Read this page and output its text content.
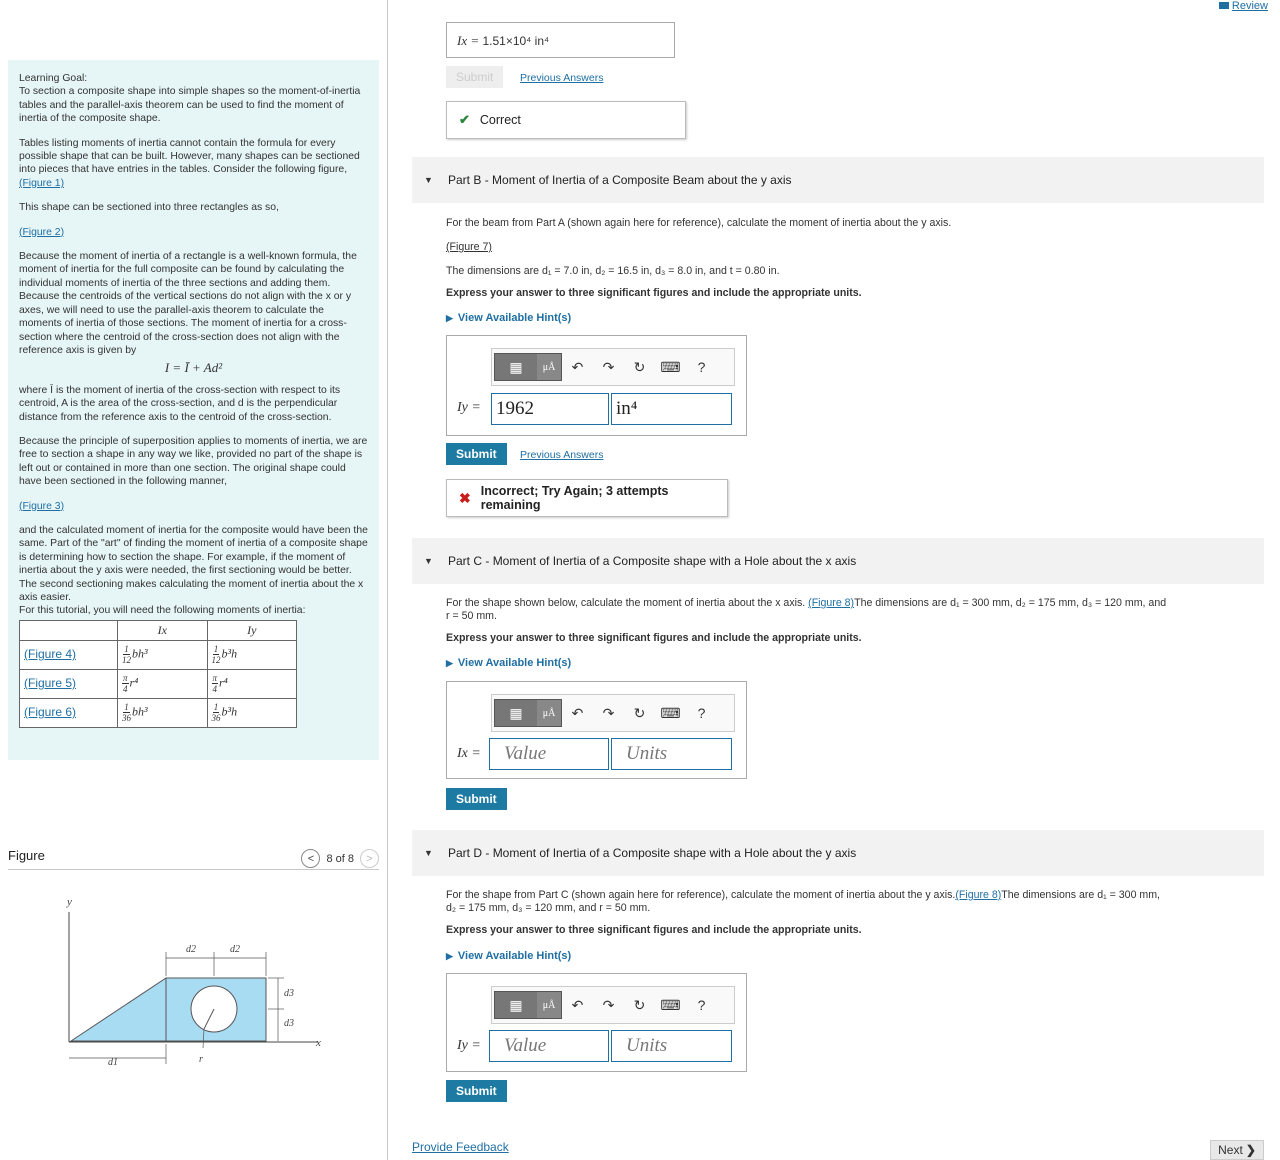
Learning Goal:
To section a composite shape into simple shapes so the moment-of-inertia tables and the parallel-axis theorem can be used to find the moment of inertia of the composite shape.

Tables listing moments of inertia cannot contain the formula for every possible shape that can be built. However, many shapes can be sectioned into pieces that have entries in the tables. Consider the following figure,
(Figure 1)

This shape can be sectioned into three rectangles as so,

(Figure 2)

Because the moment of inertia of a rectangle is a well-known formula, the moment of inertia for the full composite can be found by calculating the individual moments of inertia of the three sections and adding them. Because the centroids of the vertical sections do not align with the x or y axes, we will need to use the parallel-axis theorem to calculate the moments of inertia of those sections. The moment of inertia for a cross-section where the centroid of the cross-section does not align with the reference axis is given by

I = Ī + Ad²

where Ī is the moment of inertia of the cross-section with respect to its centroid, A is the area of the cross-section, and d is the perpendicular distance from the reference axis to the centroid of the cross-section.

Because the principle of superposition applies to moments of inertia, we are free to section a shape in any way we like, provided no part of the shape is left out or contained in more than one section. The original shape could have been sectioned in the following manner,

(Figure 3)

and the calculated moment of inertia for the composite would have been the same. Part of the "art" of finding the moment of inertia of a composite shape is determining how to section the shape. For example, if the moment of inertia about the y axis were needed, the first sectioning would be better. The second sectioning makes calculating the moment of inertia about the x axis easier.

For this tutorial, you will need the following moments of inertia:

	Ix	Iy
(Figure 4)	$\frac{1}{12} bh^3$	$\frac{1}{12} b^3h$
(Figure 5)	$\frac{\pi}{4} r^4$	$\frac{\pi}{4} r^4$
(Figure 6)	$\frac{1}{36} bh^3$	$\frac{1}{36} b^3h$
Figure	<	8 of 8	>
y
x
r
d2	d2
d3
d3
d1
Review
Ix = 1.51×10⁴ in⁴
Submit	Previous Answers
✔ Correct
▼ Part B - Moment of Inertia of a Composite Beam about the y axis
For the beam from Part A (shown again here for reference), calculate the moment of inertia about the y axis.
(Figure 7)
The dimensions are d₁ = 7.0 in, d₂ = 16.5 in, d₃ = 8.0 in, and t = 0.80 in.
Express your answer to three significant figures and include the appropriate units.
▶ View Available Hint(s)
▦	μÅ	↶	↷	↻	⌨	?
Iy = 1962	in⁴
Submit	Previous Answers
✖ Incorrect; Try Again; 3 attempts remaining
▼ Part C - Moment of Inertia of a Composite shape with a Hole about the x axis
For the shape shown below, calculate the moment of inertia about the x axis. (Figure 8)The dimensions are d₁ = 300 mm, d₂ = 175 mm, d₃ = 120 mm, and
r = 50 mm.
Express your answer to three significant figures and include the appropriate units.
▶ View Available Hint(s)
▦	μÅ	↶	↷	↻	⌨	?
Ix =	Value	Units
Submit
▼ Part D - Moment of Inertia of a Composite shape with a Hole about the y axis
For the shape from Part C (shown again here for reference), calculate the moment of inertia about the y axis.(Figure 8)The dimensions are d₁ = 300 mm,
d₂ = 175 mm, d₃ = 120 mm, and r = 50 mm.
Express your answer to three significant figures and include the appropriate units.
▶ View Available Hint(s)
▦	μÅ	↶	↷	↻	⌨	?
Iy =	Value	Units
Submit
Provide Feedback	Next ❯
